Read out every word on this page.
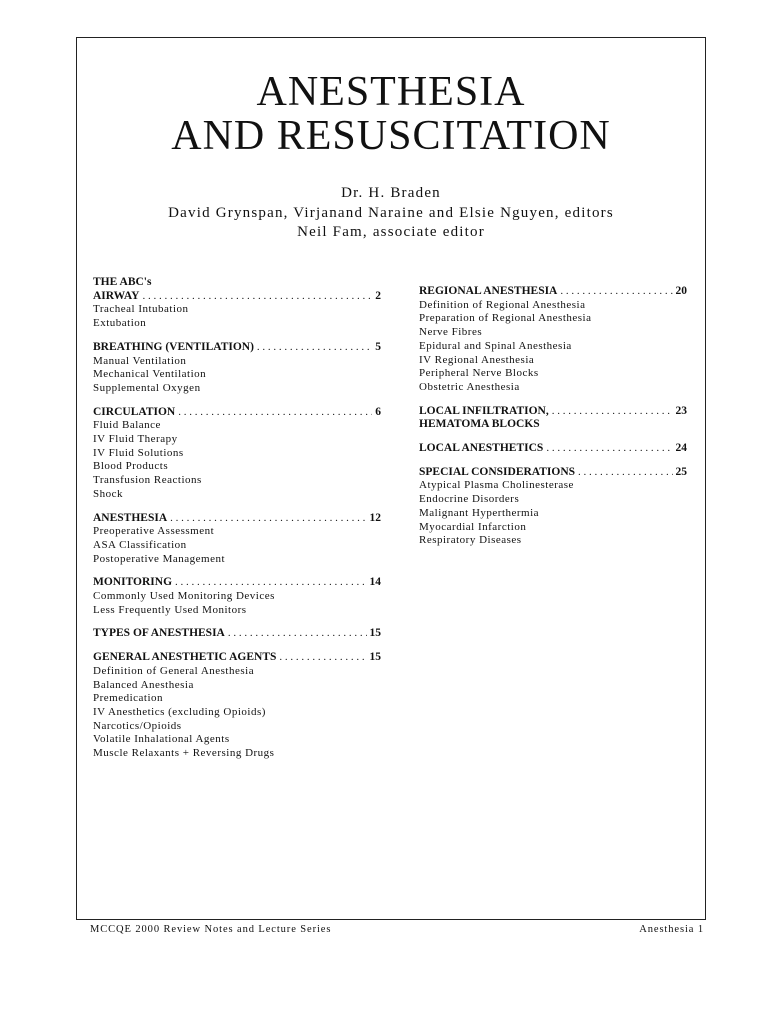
ANESTHESIA
AND RESUSCITATION
Dr. H. Braden
David Grynspan, Virjanand Naraine and Elsie Nguyen, editors
Neil Fam, associate editor
THE ABC's
AIRWAY . . .	2
Tracheal Intubation
Extubation
BREATHING (VENTILATION) . . .	5
Manual Ventilation
Mechanical Ventilation
Supplemental Oxygen
CIRCULATION . . .	6
Fluid Balance
IV Fluid Therapy
IV Fluid Solutions
Blood Products
Transfusion Reactions
Shock
ANESTHESIA . . .	12
Preoperative Assessment
ASA Classification
Postoperative Management
MONITORING . . .	14
Commonly Used Monitoring Devices
Less Frequently Used Monitors
TYPES OF ANESTHESIA . . .	15
GENERAL ANESTHETIC AGENTS . . .	15
Definition of General Anesthesia
Balanced Anesthesia
Premedication
IV Anesthetics (excluding Opioids)
Narcotics/Opioids
Volatile Inhalational Agents
Muscle Relaxants + Reversing Drugs
REGIONAL ANESTHESIA . . .	20
Definition of Regional Anesthesia
Preparation of Regional Anesthesia
Nerve Fibres
Epidural and Spinal Anesthesia
IV Regional Anesthesia
Peripheral Nerve Blocks
Obstetric Anesthesia
LOCAL INFILTRATION, . . .	23
HEMATOMA BLOCKS
LOCAL ANESTHETICS . . .	24
SPECIAL CONSIDERATIONS . . .	25
Atypical Plasma Cholinesterase
Endocrine Disorders
Malignant Hyperthermia
Myocardial Infarction
Respiratory Diseases
MCCQE 2000 Review Notes and Lecture Series	Anesthesia 1
